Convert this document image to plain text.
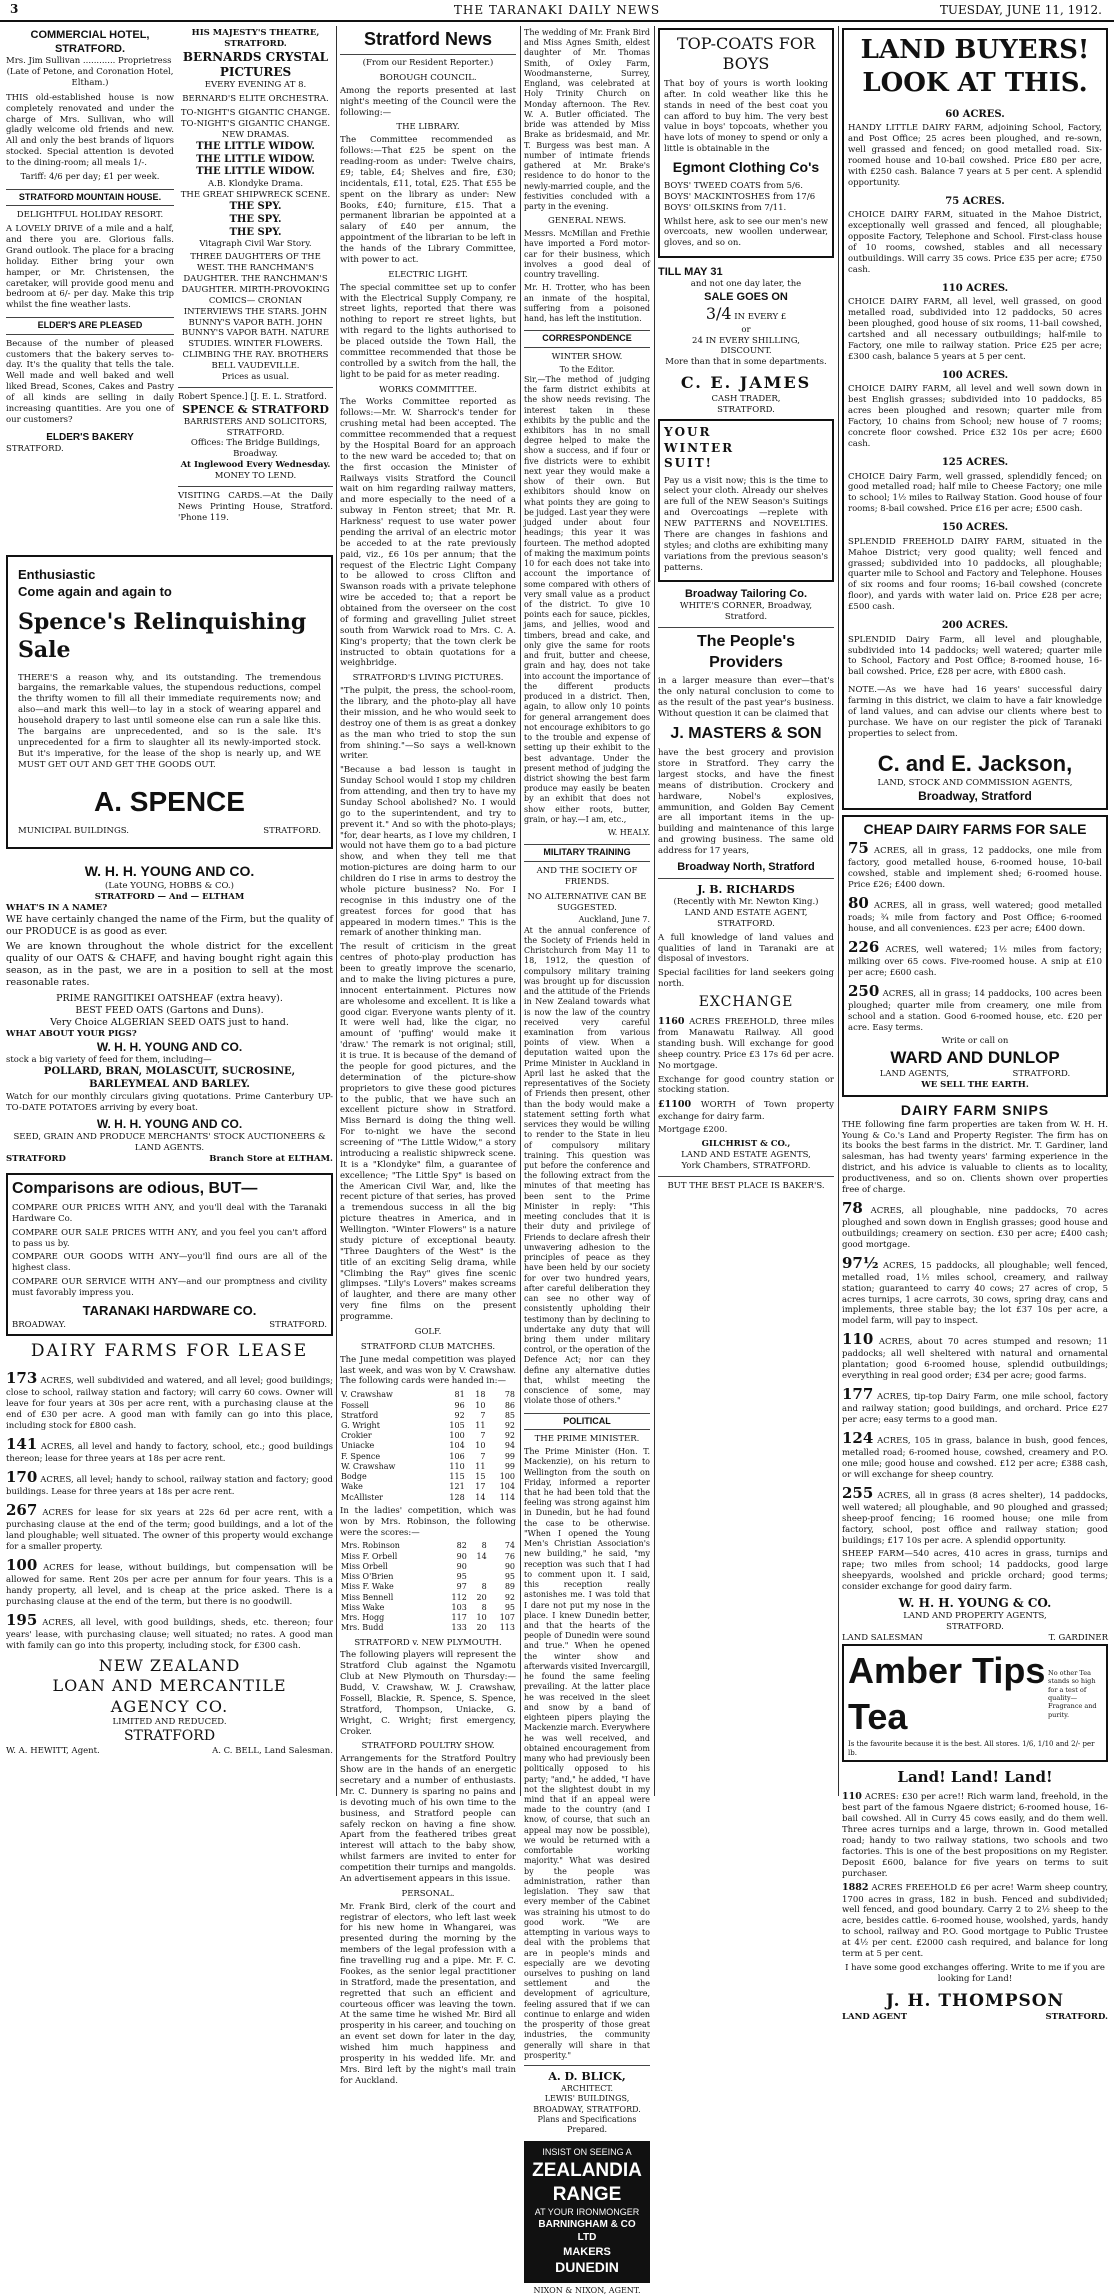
3	THE TARANAKI DAILY NEWS	TUESDAY, JUNE 11, 1912.
COMMERCIAL HOTEL, STRATFORD.
Mrs. Jim Sullivan ............ Proprietress
(Late of Petone, and Coronation Hotel, Eltham.)

THIS old-established house is now completely renovated and under the charge of Mrs. Sullivan, who will gladly welcome old friends and new. All and only the best brands of liquors stocked. Special attention is devoted to the dining-room; all meals 1/-.

Tariff: 4/6 per day; £1 per week.
STRATFORD MOUNTAIN HOUSE.
DELIGHTFUL HOLIDAY RESORT.

A LOVELY DRIVE of a mile and a half, and there you are. Glorious falls. Grand outlook. The place for a bracing holiday. Either bring your own hamper, or Mr. Christensen, the caretaker, will provide good menu and bedroom at 6/- per day. Make this trip whilst the fine weather lasts.

ELDER'S ARE PLEASED

Because of the number of pleased customers that the bakery serves to-day. It's the quality that tells the tale. Well made and well baked and well liked Bread, Scones, Cakes and Pastry of all kinds are selling in daily increasing quantities. Are you one of our customers?

ELDER'S BAKERY
STRATFORD.
HIS MAJESTY'S THEATRE, STRATFORD.
BERNARDS CRYSTAL PICTURES
EVERY EVENING AT 8.
BERNARD'S ELITE ORCHESTRA.
TO-NIGHT'S GIGANTIC CHANGE.
TO-NIGHT'S GIGANTIC CHANGE.
NEW DRAMAS.
THE LITTLE WIDOW.
THE LITTLE WIDOW.
THE LITTLE WIDOW.
A.B. Klondyke Drama.
THE GREAT SHIPWRECK SCENE.
THE SPY.
THE SPY.
THE SPY.
Vitagraph Civil War Story.
THREE DAUGHTERS OF THE WEST. THE RANCHMAN'S DAUGHTER. THE RANCHMAN'S DAUGHTER. MIRTH-PROVOKING COMICS— CRONIAN INTERVIEWS THE STARS. JOHN BUNNY'S VAPOR BATH. JOHN BUNNY'S VAPOR BATH. NATURE STUDIES. WINTER FLOWERS. CLIMBING THE RAY. BROTHERS BELL VAUDEVILLE.
Prices as usual.
Robert Spence.] [J. E. L. Stratford.
SPENCE & STRATFORD
BARRISTERS AND SOLICITORS, STRATFORD.
Offices: The Bridge Buildings, Broadway.
At Inglewood Every Wednesday.
MONEY TO LEND.

VISITING CARDS.—At the Daily News Printing House, Stratford. 'Phone 119.

Enthusiastic
Come again and again to
Spence's Relinquishing Sale

THERE'S a reason why, and its outstanding. The tremendous bargains, the remarkable values, the stupendous reductions, compel the thrifty women to fill all their immediate requirements now; and also—and mark this well—to lay in a stock of wearing apparel and household drapery to last until someone else can run a sale like this. The bargains are unprecedented, and so is the sale. It's unprecedented for a firm to slaughter all its newly-imported stock. But it's imperative, for the lease of the shop is nearly up, and WE MUST GET OUT AND GET THE GOODS OUT.

A. SPENCE
MUNICIPAL BUILDINGS.	STRATFORD.
W. H. H. YOUNG AND CO.
(Late YOUNG, HOBBS & CO.)
STRATFORD — And — ELTHAM
WHAT'S IN A NAME?

WE have certainly changed the name of the Firm, but the quality of our PRODUCE is as good as ever.

We are known throughout the whole district for the excellent quality of our OATS & CHAFF, and having bought right again this season, as in the past, we are in a position to sell at the most reasonable rates.

PRIME RANGITIKEI OATSHEAF (extra heavy).
BEST FEED OATS (Gartons and Duns).
Very Choice ALGERIAN SEED OATS just to hand.
WHAT ABOUT YOUR PIGS?
W. H. H. YOUNG AND CO.
stock a big variety of feed for them, including—
POLLARD, BRAN, MOLASCUIT, SUCROSINE, BARLEYMEAL AND BARLEY.

Watch for our monthly circulars giving quotations. Prime Canterbury UP-TO-DATE POTATOES arriving by every boat.

W. H. H. YOUNG AND CO.
SEED, GRAIN AND PRODUCE MERCHANTS' STOCK AUCTIONEERS & LAND AGENTS.
STRATFORD	Branch Store at ELTHAM.
Comparisons are odious, BUT—

COMPARE OUR PRICES WITH ANY, and you'll deal with the Taranaki Hardware Co.

COMPARE OUR SALE PRICES WITH ANY, and you feel you can't afford to pass us by.

COMPARE OUR GOODS WITH ANY—you'll find ours are all of the highest class.

COMPARE OUR SERVICE WITH ANY—and our promptness and civility must favorably impress you.

TARANAKI HARDWARE CO.
BROADWAY.	STRATFORD.
DAIRY FARMS FOR LEASE

173 ACRES, well subdivided and watered, and all level; good buildings; close to school, railway station and factory; will carry 60 cows. Owner will leave for four years at 30s per acre rent, with a purchasing clause at the end of £30 per acre. A good man with family can go into this place, including stock for £800 cash.

141 ACRES, all level and handy to factory, school, etc.; good buildings thereon; lease for three years at 18s per acre rent.

170 ACRES, all level; handy to school, railway station and factory; good buildings. Lease for three years at 18s per acre rent.

267 ACRES for lease for six years at 22s 6d per acre rent, with a purchasing clause at the end of the term; good buildings, and a lot of the land ploughable; well situated. The owner of this property would exchange for a smaller property.

100 ACRES for lease, without buildings, but compensation will be allowed for same. Rent 20s per acre per annum for four years. This is a handy property, all level, and is cheap at the price asked. There is a purchasing clause at the end of the term, but there is no goodwill.

195 ACRES, all level, with good buildings, sheds, etc. thereon; four years' lease, with purchasing clause; well situated; no rates. A good man with family can go into this property, including stock, for £300 cash.

NEW ZEALAND
LOAN AND MERCANTILE
AGENCY CO.
LIMITED AND REDUCED.
STRATFORD
W. A. HEWITT, Agent.	A. C. BELL, Land Salesman.
Stratford News
(From our Resident Reporter.)
BOROUGH COUNCIL.

Among the reports presented at last night's meeting of the Council were the following:—

THE LIBRARY.

The Committee recommended as follows:—That £25 be spent on the reading-room as under: Twelve chairs, £9; table, £4; Shelves and fire, £30; incidentals, £11, total, £25. That £55 be spent on the library as under: New Books, £40; furniture, £15. That a permanent librarian be appointed at a salary of £40 per annum, the appointment of the librarian to be left in the hands of the Library Committee, with power to act.

ELECTRIC LIGHT.

The special committee set up to confer with the Electrical Supply Company, re street lights, reported that there was nothing to report re street lights, but with regard to the lights authorised to be placed outside the Town Hall, the committee recommended that those be controlled by a switch from the hall, the light to be paid for as meter reading.

WORKS COMMITTEE.

The Works Committee reported as follows:—Mr. W. Sharrock's tender for crushing metal had been accepted. The committee recommended that a request by the Hospital Board for an approach to the new ward be acceded to; that on the first occasion the Minister of Railways visits Stratford the Council wait on him regarding railway matters, and more especially to the need of a subway in Fenton street; that Mr. R. Harkness' request to use water power pending the arrival of an electric motor be acceded to at the rate previously paid, viz., £6 10s per annum; that the request of the Electric Light Company to be allowed to cross Clifton and Swanson roads with a private telephone wire be acceded to; that a report be obtained from the overseer on the cost of forming and gravelling Juliet street south from Warwick road to Mrs. C. A. King's property; that the town clerk be instructed to obtain quotations for a weighbridge.

STRATFORD'S LIVING PICTURES.

"The pulpit, the press, the school-room, the library, and the photo-play all have their mission, and he who would seek to destroy one of them is as great a donkey as the man who tried to stop the sun from shining."—So says a well-known writer.

"Because a bad lesson is taught in Sunday School would I stop my children from attending, and then try to have my Sunday School abolished? No. I would go to the superintendent, and try to prevent it." And so with the photo-plays; "for, dear hearts, as I love my children, I would not have them go to a bad picture show, and when they tell me that motion-pictures are doing harm to our children do I rise in arms to destroy the whole picture business? No. For I recognise in this industry one of the greatest forces for good that has appeared in modern times." This is the remark of another thinking man.

The result of criticism in the great centres of photo-play production has been to greatly improve the scenario, and to make the living pictures a pure, innocent entertainment. Pictures now are wholesome and excellent. It is like a good cigar. Everyone wants plenty of it. It were well had, like the cigar, no amount of 'puffing' would make it 'draw.' The remark is not original; still, it is true. It is because of the demand of the people for good pictures, and the determination of the picture-show proprietors to give these good pictures to the public, that we have such an excellent picture show in Stratford. Miss Bernard is doing the thing well. For to-night we have the second screening of "The Little Widow," a story introducing a realistic shipwreck scene. It is a "Klondyke" film, a guarantee of excellence; "The Little Spy" is based on the American Civil War, and, like the recent picture of that series, has proved a tremendous success in all the big picture theatres in America, and in Wellington. "Winter Flowers" is a nature study picture of exceptional beauty. "Three Daughters of the West" is the title of an exciting Selig drama, while "Climbing the Ray" gives fine scenic glimpses. "Lily's Lovers" makes screams of laughter, and there are many other very fine films on the present programme.

GOLF.
STRATFORD CLUB MATCHES.

The June medal competition was played last week, and was won by V. Crawshaw. The following cards were handed in:—

V. Crawshaw	81	18	78
Fossell	96	10	86
Stratford	92	7	85
G. Wright	105	11	92
Crokier	100	7	92
Uniacke	104	10	94
F. Spence	106	7	99
W. Crawshaw	110	11	99
Bodge	115	15	100
Wake	121	17	104
McAllister	128	14	114

In the ladies' competition, which was won by Mrs. Robinson, the following were the scores:—

Mrs. Robinson	82	8	74
Miss F. Orbell	90	14	76
Miss Orbell	90		90
Miss O'Brien	95		95
Miss F. Wake	97	8	89
Miss Bennell	112	20	92
Miss Wake	103	8	95
Mrs. Hogg	117	10	107
Mrs. Budd	133	20	113
STRATFORD v. NEW PLYMOUTH.

The following players will represent the Stratford Club against the Ngamotu Club at New Plymouth on Thursday:—Budd, V. Crawshaw, W. J. Crawshaw, Fossell, Blackie, R. Spence, S. Spence, Stratford, Thompson, Uniacke, G. Wright, C. Wright; first emergency, Croker.

STRATFORD POULTRY SHOW.

Arrangements for the Stratford Poultry Show are in the hands of an energetic secretary and a number of enthusiasts. Mr. C. Dunnery is sparing no pains and is devoting much of his own time to the business, and Stratford people can safely reckon on having a fine show. Apart from the feathered tribes great interest will attach to the baby show, whilst farmers are invited to enter for competition their turnips and mangolds. An advertisement appears in this issue.

PERSONAL.

Mr. Frank Bird, clerk of the court and registrar of electors, who left last week for his new home in Whangarei, was presented during the morning by the members of the legal profession with a fine travelling rug and a pipe. Mr. F. C. Fookes, as the senior legal practitioner in Stratford, made the presentation, and regretted that such an efficient and courteous officer was leaving the town. At the same time he wished Mr. Bird all prosperity in his career, and touching on an event set down for later in the day, wished him much happiness and prosperity in his wedded life. Mr. and Mrs. Bird left by the night's mail train for Auckland.

The wedding of Mr. Frank Bird and Miss Agnes Smith, eldest daughter of Mr. Thomas Smith, of Oxley Farm, Woodmansterne, Surrey, England, was celebrated at Holy Trinity Church on Monday afternoon. The Rev. W. A. Butler officiated. The bride was attended by Miss Brake as bridesmaid, and Mr. T. Burgess was best man. A number of intimate friends gathered at Mr. Brake's residence to do honor to the newly-married couple, and the festivities concluded with a party in the evening.

GENERAL NEWS.

Messrs. McMillan and Frethie have imported a Ford motor-car for their business, which involves a good deal of country travelling.

Mr. H. Trotter, who has been an inmate of the hospital, suffering from a poisoned hand, has left the institution.

CORRESPONDENCE
WINTER SHOW.
To the Editor.

Sir,—The method of judging the farm district exhibits at the show needs revising. The interest taken in these exhibits by the public and the exhibitors has in no small degree helped to make the show a success, and if four or five districts were to exhibit next year they would make a show of their own. But exhibitors should know on what points they are going to be judged. Last year they were judged under about four headings; this year it was fourteen. The method adopted of making the maximum points 10 for each does not take into account the importance of some compared with others of very small value as a product of the district. To give 10 points each for sauce, pickles, jams, and jellies, wood and timbers, bread and cake, and only give the same for roots and fruit, butter and cheese, grain and hay, does not take into account the importance of the different products produced in a district. Then, again, to allow only 10 points for general arrangement does not encourage exhibitors to go to the trouble and expense of setting up their exhibit to the best advantage. Under the present method of judging the district showing the best farm produce may easily be beaten by an exhibit that does not show either roots, butter, grain, or hay.—I am, etc.,

W. HEALY.
MILITARY TRAINING
AND THE SOCIETY OF FRIENDS.
NO ALTERNATIVE CAN BE SUGGESTED.
Auckland, June 7.

At the annual conference of the Society of Friends held in Christchurch from May 11 to 18, 1912, the question of compulsory military training was brought up for discussion and the attitude of the Friends in New Zealand towards what is now the law of the country received very careful examination from various points of view. When a deputation waited upon the Prime Minister in Auckland in April last he asked that the representatives of the Society of Friends then present, other than the body would make a statement setting forth what services they would be willing to render to the State in lieu of compulsory military training. This question was put before the conference and the following extract from the minutes of that meeting has been sent to the Prime Minister in reply: "This meeting concludes that it is their duty and privilege of Friends to declare afresh their unwavering adhesion to the principles of peace as they have been held by our society for over two hundred years, after careful deliberation they can see no other way of consistently upholding their testimony than by declining to undertake any duty that will bring them under military control, or the operation of the Defence Act; nor can they define any alternative duties that, whilst meeting the conscience of some, may violate those of others."

POLITICAL
THE PRIME MINISTER.

The Prime Minister (Hon. T. Mackenzie), on his return to Wellington from the south on Friday, informed a reporter that he had been told that the feeling was strong against him in Dunedin, but he had found the case to be otherwise. "When I opened the Young Men's Christian Association's new building," he said, "my reception was such that I had to comment upon it. I said, this reception really astonishes me. I was told that I dare not put my nose in the place. I knew Dunedin better, and that the hearts of the people of Dunedin were sound and true." When he opened the winter show and afterwards visited Invercargill, he found the same feeling prevailing. At the latter place he was received in the sleet and snow by a band of eighteen pipers playing the Mackenzie march. Everywhere he was well received, and obtained encouragement from many who had previously been politically opposed to his party; "and," he added, "I have not the slightest doubt in my mind that if an appeal were made to the country (and I know, of course, that such an appeal may now be possible), we would be returned with a comfortable working majority." What was desired by the people was administration, rather than legislation. They saw that every member of the Cabinet was straining his utmost to do good work. "We are attempting in various ways to deal with the problems that are in people's minds and especially are we devoting ourselves to pushing on land settlement and the development of agriculture, feeling assured that if we can continue to enlarge and widen the prosperity of those great industries, the community generally will share in that prosperity."

A. D. BLICK,
ARCHITECT.
LEWIS' BUILDINGS, BROADWAY, STRATFORD.
Plans and Specifications Prepared.
INSIST ON SEEING A
ZEALANDIA
RANGE
AT YOUR IRONMONGER
BARNINGHAM & CO LTD
MAKERS
DUNEDIN
NIXON & NIXON, AGENT.
TOP-COATS FOR BOYS

That boy of yours is worth looking after. In cold weather like this he stands in need of the best coat you can afford to buy him. The very best value in boys' topcoats, whether you have lots of money to spend or only a little is obtainable in the

Egmont Clothing Co's
BOYS' TWEED COATS from 5/6.
BOYS' MACKINTOSHES from 17/6
BOYS' OILSKINS from 7/11.

Whilst here, ask to see our men's new overcoats, new woollen underwear, gloves, and so on.

TILL MAY 31
and not one day later, the
SALE GOES ON
3/4 IN EVERY £
or
24 IN EVERY SHILLING,
DISCOUNT.
More than that in some departments.
C. E. JAMES
CASH TRADER,
STRATFORD.
YOUR WINTER SUIT!

Pay us a visit now; this is the time to select your cloth. Already our shelves are full of the NEW Season's Suitings and Overcoatings —replete with NEW PATTERNS and NOVELTIES. There are changes in fashions and styles; and cloths are exhibiting many variations from the previous season's patterns.

Broadway Tailoring Co.
WHITE'S CORNER, Broadway, Stratford.
The People's Providers

in a larger measure than ever—that's the only natural conclusion to come to as the result of the past year's business. Without question it can be claimed that

J. MASTERS & SON

have the best grocery and provision store in Stratford. They carry the largest stocks, and have the finest means of distribution. Crockery and hardware, Nobel's explosives, ammunition, and Golden Bay Cement are all important items in the up-building and maintenance of this large and growing business. The same old address for 17 years,

Broadway North, Stratford
J. B. RICHARDS
(Recently with Mr. Newton King.)
LAND AND ESTATE AGENT,
STRATFORD.

A full knowledge of land values and qualities of land in Taranaki are at disposal of investors.

Special facilities for land seekers going north.

EXCHANGE

1160 ACRES FREEHOLD, three miles from Manawatu Railway. All good standing bush. Will exchange for good sheep country. Price £3 17s 6d per acre. No mortgage.

Exchange for good country station or stocking station.

£1100 WORTH of Town property exchange for dairy farm.

Mortgage £200.

GILCHRIST & CO.,
LAND AND ESTATE AGENTS,
York Chambers, STRATFORD.
BUT THE BEST PLACE IS BAKER'S.
LAND BUYERS!
LOOK AT THIS.
60 ACRES.

HANDY LITTLE DAIRY FARM, adjoining School, Factory, and Post Office; 25 acres been ploughed, and re-sown, well grassed and fenced; on good metalled road. Six-roomed house and 10-bail cowshed. Price £80 per acre, with £250 cash. Balance 7 years at 5 per cent. A splendid opportunity.

75 ACRES.

CHOICE DAIRY FARM, situated in the Mahoe District, exceptionally well grassed and fenced, all ploughable; opposite Factory, Telephone and School. First-class house of 10 rooms, cowshed, stables and all necessary outbuildings. Will carry 35 cows. Price £35 per acre; £750 cash.

110 ACRES.

CHOICE DAIRY FARM, all level, well grassed, on good metalled road, subdivided into 12 paddocks, 50 acres been ploughed, good house of six rooms, 11-bail cowshed, cartshed and all necessary outbuildings; half-mile to Factory, one mile to railway station. Price £25 per acre; £300 cash, balance 5 years at 5 per cent.

100 ACRES.

CHOICE DAIRY FARM, all level and well sown down in best English grasses; subdivided into 10 paddocks, 85 acres been ploughed and resown; quarter mile from Factory, 10 chains from School; new house of 7 rooms; concrete floor cowshed. Price £32 10s per acre; £600 cash.

125 ACRES.

CHOICE Dairy Farm, well grassed, splendidly fenced; on good metalled road; half mile to Cheese Factory; one mile to school; 1½ miles to Railway Station. Good house of four rooms; 8-bail cowshed. Price £16 per acre; £500 cash.

150 ACRES.

SPLENDID FREEHOLD DAIRY FARM, situated in the Mahoe District; very good quality; well fenced and grassed; subdivided into 10 paddocks, all ploughable; quarter mile to School and Factory and Telephone. Houses of six rooms and four rooms; 16-bail cowshed (concrete floor), and yards with water laid on. Price £28 per acre; £500 cash.

200 ACRES.

SPLENDID Dairy Farm, all level and ploughable, subdivided into 14 paddocks; well watered; quarter mile to School, Factory and Post Office; 8-roomed house, 16-bail cowshed. Price, £28 per acre, with £800 cash.

NOTE.—As we have had 16 years' successful dairy farming in this district, we claim to have a fair knowledge of land values, and can advise our clients where best to purchase. We have on our register the pick of Taranaki properties to select from.

C. and E. Jackson,
LAND, STOCK AND COMMISSION AGENTS,
Broadway, Stratford
CHEAP DAIRY FARMS FOR SALE

75 ACRES, all in grass, 12 paddocks, one mile from factory, good metalled house, 6-roomed house, 10-bail cowshed, stable and implement shed; 6-roomed house. Price £26; £400 down.

80 ACRES, all in grass, well watered; good metalled roads; ¾ mile from factory and Post Office; 6-roomed house, and all conveniences. £23 per acre; £400 down.

226 ACRES, well watered; 1½ miles from factory; milking over 65 cows. Five-roomed house. A snip at £10 per acre; £600 cash.

250 ACRES, all in grass; 14 paddocks, 100 acres been ploughed; quarter mile from creamery, one mile from school and a station. Good 6-roomed house, etc. £20 per acre. Easy terms.

Write or call on
WARD AND DUNLOP
LAND AGENTS,	STRATFORD.
WE SELL THE EARTH.
DAIRY FARM SNIPS

THE following fine farm properties are taken from W. H. H. Young & Co.'s Land and Property Register. The firm has on its books the best farms in the district. Mr. T. Gardiner, land salesman, has had twenty years' farming experience in the district, and his advice is valuable to clients as to locality, productiveness, and so on. Clients shown over properties free of charge.

78 ACRES, all ploughable, nine paddocks, 70 acres ploughed and sown down in English grasses; good house and outbuildings; creamery on section. £30 per acre; £400 cash; good mortgage.

97½ ACRES, 15 paddocks, all ploughable; well fenced, metalled road, 1½ miles school, creamery, and railway station; guaranteed to carry 40 cows; 27 acres of crop, 5 acres turnips, 1 acre carrots, 30 cows, spring dray, cans and implements, three stable bay; the lot £37 10s per acre, a model farm, will pay to inspect.

110 ACRES, about 70 acres stumped and resown; 11 paddocks; all well sheltered with natural and ornamental plantation; good 6-roomed house, splendid outbuildings; everything in real good order; £34 per acre; good farms.

177 ACRES, tip-top Dairy Farm, one mile school, factory and railway station; good buildings, and orchard. Price £27 per acre; easy terms to a good man.

124 ACRES, 105 in grass, balance in bush, good fences, metalled road; 6-roomed house, cowshed, creamery and P.O. one mile; good house and cowshed. £12 per acre; £388 cash, or will exchange for sheep country.

255 ACRES, all in grass (8 acres shelter), 14 paddocks, well watered; all ploughable, and 90 ploughed and grassed; sheep-proof fencing; 16 roomed house; one mile from factory, school, post office and railway station; good buildings; £17 10s per acre. A splendid opportunity.

SHEEP FARM—540 acres, 410 acres in grass, turnips and rape; two miles from school; 14 paddocks, good large sheepyards, woolshed and prickle orchard; good terms; consider exchange for good dairy farm.

W. H. H. YOUNG & CO.
LAND AND PROPERTY AGENTS,
STRATFORD.
LAND SALESMAN	T. GARDINER
Amber Tips Tea
No other Tea stands so high for a test of quality—Fragrance and purity.
Is the favourite because it is the best. All stores. 1/6, 1/10 and 2/- per lb.
Land! Land! Land!

110 ACRES: £30 per acre!! Rich warm land, freehold, in the best part of the famous Ngaere district; 6-roomed house, 16-bail cowshed. All in Curry 45 cows easily, and do them well. Three acres turnips and a large, thrown in. Good metalled road; handy to two railway stations, two schools and two factories. This is one of the best propositions on my Register. Deposit £600, balance for five years on terms to suit purchaser.

1882 ACRES FREEHOLD £6 per acre! Warm sheep country, 1700 acres in grass, 182 in bush. Fenced and subdivided; well fenced, and good boundary. Carry 2 to 2½ sheep to the acre, besides cattle. 6-roomed house, woolshed, yards, handy to school, railway and P.O. Good mortgage to Public Trustee at 4½ per cent. £2000 cash required, and balance for long term at 5 per cent.

I have some good exchanges offering. Write to me if you are looking for Land!
J. H. THOMPSON
LAND AGENT	STRATFORD.
